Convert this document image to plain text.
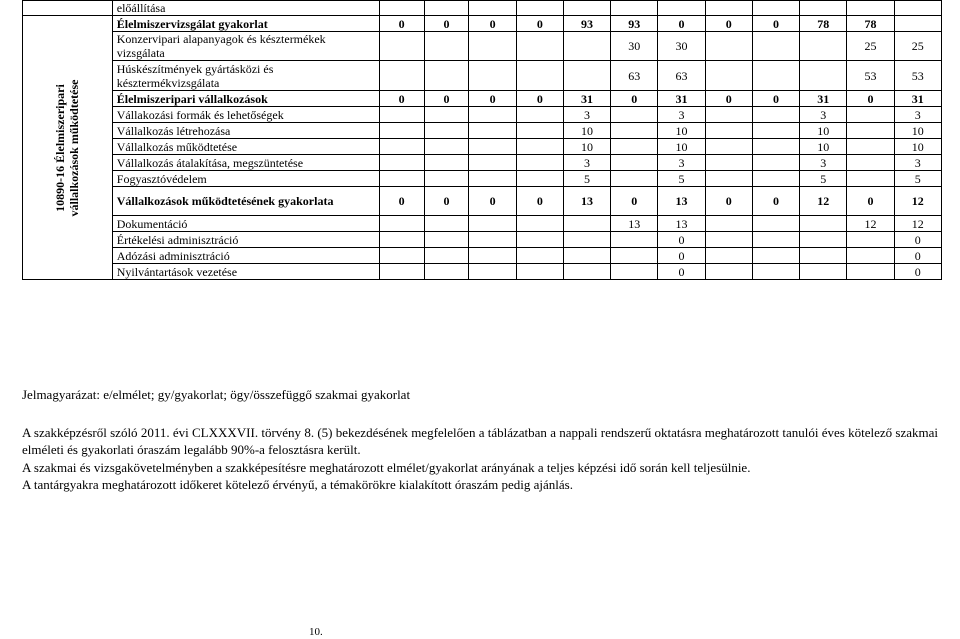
	előállítása												

10890-16 Élelmiszeripari vállalkozások működtetése	Élelmiszervizsgálat gyakorlat	0	0	0	0	93	93	0	0	0	78	78	
	Konzervipari alapanyagok és késztermékek vizsgálata						30	30				25	25
	Húskészítmények gyártásközi és késztermékvizsgálata						63	63				53	53
	Élelmiszeripari vállalkozások	0	0	0	0	31	0	31	0	0	31	0	31
	Vállakozási formák és lehetőségek					3		3			3		3
	Vállalkozás létrehozása					10		10			10		10
	Vállalkozás működtetése					10		10			10		10
	Vállalkozás átalakítása, megszüntetése					3		3			3		3
	Fogyasztóvédelem					5		5			5		5
	Vállalkozások működtetésének gyakorlata	0	0	0	0	13	0	13	0	0	12	0	12
	Dokumentáció						13	13				12	12
	Értékelési adminisztráció							0					0
	Adózási adminisztráció							0					0
	Nyilvántartások vezetése							0					0
Jelmagyarázat: e/elmélet; gy/gyakorlat; ögy/összefüggő szakmai gyakorlat
A szakképzésről szóló 2011. évi CLXXXVII. törvény 8. (5) bekezdésének megfelelően a táblázatban a nappali rendszerű oktatásra meghatározott tanulói éves kötelező szakmai elméleti és gyakorlati óraszám legalább 90%-a felosztásra került.
A szakmai és vizsgakövetelményben a szakképesítésre meghatározott elmélet/gyakorlat arányának a teljes képzési idő során kell teljesülnie.
A tantárgyakra meghatározott időkeret kötelező érvényű, a témakörökre kialakított óraszám pedig ajánlás.
10.
